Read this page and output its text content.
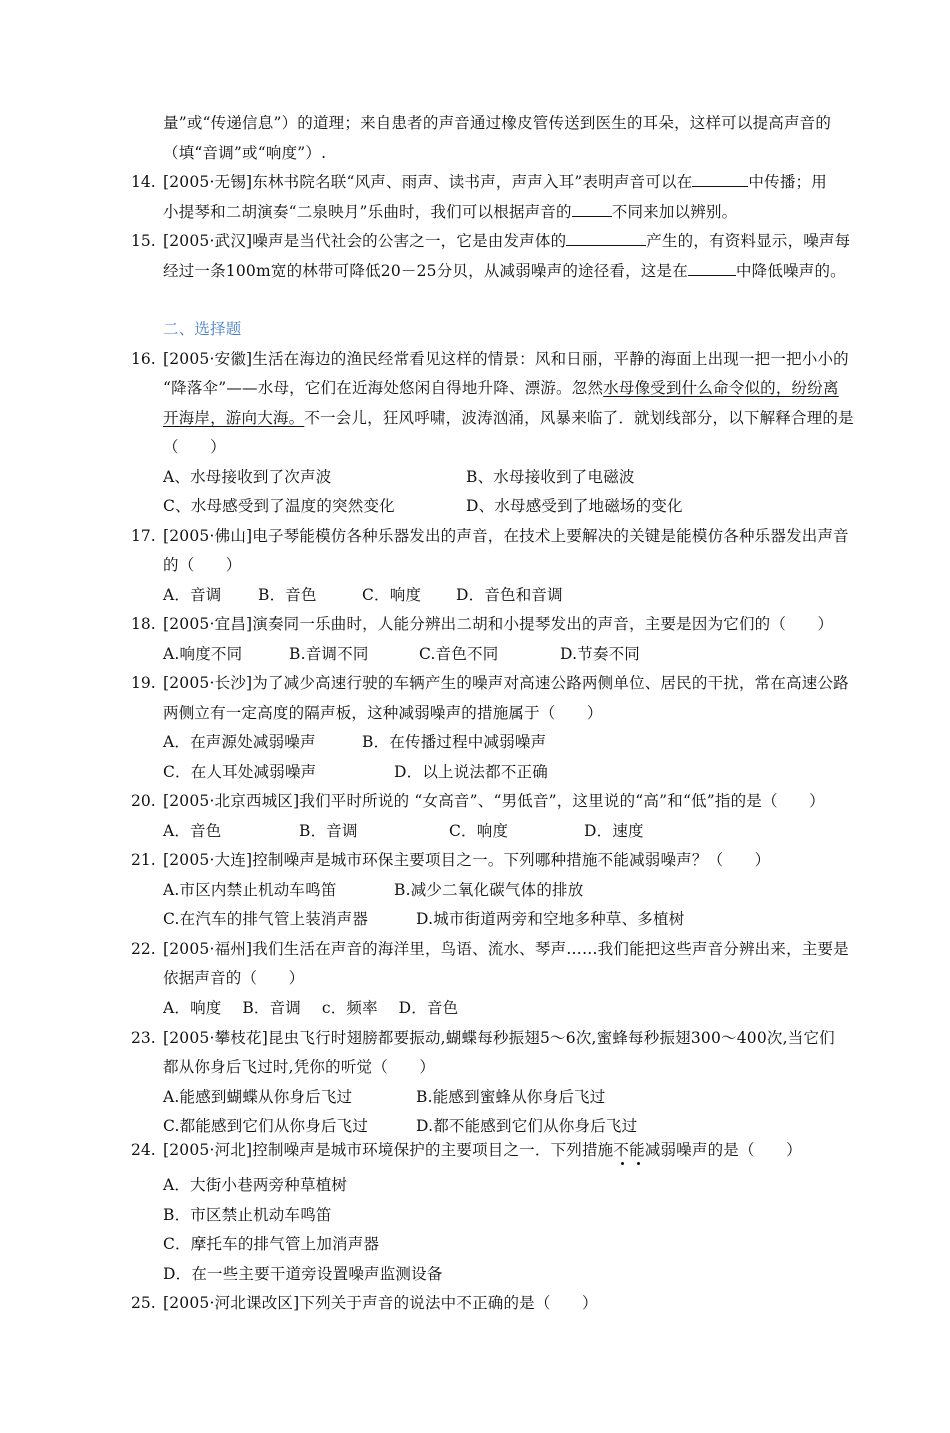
量”或“传递信息”）的道理；来自患者的声音通过橡皮管传送到医生的耳朵，这样可以提高声音的
（填“音调”或“响度”）.
14. [2005·无锡]东林书院名联“风声、雨声、读书声，声声入耳”表明声音可以在	中传播；用
小提琴和二胡演奏“二泉映月”乐曲时，我们可以根据声音的	不同来加以辨别。
15. [2005·武汉]噪声是当代社会的公害之一，它是由发声体的	产生的，有资料显示，噪声每
经过一条100m宽的林带可降低20－25分贝，从减弱噪声的途径看，这是在	中降低噪声的。
二、选择题
16. [2005·安徽]生活在海边的渔民经常看见这样的情景：风和日丽，平静的海面上出现一把一把小小的
“降落伞”——水母，它们在近海处悠闲自得地升降、漂游。忽然水母像受到什么命令似的，纷纷离
开海岸，游向大海。不一会儿，狂风呼啸，波涛汹涌，风暴来临了．就划线部分，以下解释合理的是
（　　）
A、水母接收到了次声波	B、水母接收到了电磁波
C、水母感受到了温度的突然变化	D、水母感受到了地磁场的变化
17. [2005·佛山]电子琴能模仿各种乐器发出的声音，在技术上要解决的关键是能模仿各种乐器发出声音
的（　　）
A．音调 B．音色	C．响度 D．音色和音调
18. [2005·宜昌]演奏同一乐曲时，人能分辨出二胡和小提琴发出的声音，主要是因为它们的（　　）
A.响度不同	B.音调不同	C.音色不同	D.节奏不同
19. [2005·长沙]为了减少高速行驶的车辆产生的噪声对高速公路两侧单位、居民的干扰，常在高速公路
两侧立有一定高度的隔声板，这种减弱噪声的措施属于（　　）
A．在声源处减弱噪声	B．在传播过程中减弱噪声
C．在人耳处减弱噪声	D．以上说法都不正确
20. [2005·北京西城区]我们平时所说的 “女高音”、“男低音”，这里说的“高”和“低”指的是（　　）
A．音色	B．音调	C．响度	D．速度
21. [2005·大连]控制噪声是城市环保主要项目之一。下列哪种措施不能减弱噪声？（　　）
A.市区内禁止机动车鸣笛	B.减少二氧化碳气体的排放
C.在汽车的排气管上装消声器	D.城市街道两旁和空地多种草、多植树
22. [2005·福州]我们生活在声音的海洋里，鸟语、流水、琴声……我们能把这些声音分辨出来，主要是
依据声音的（　　）
A．响度　 B．音调　 c．频率　 D．音色
23. [2005·攀枝花]昆虫飞行时翅膀都要振动,蝴蝶每秒振翅5～6次,蜜蜂每秒振翅300～400次,当它们
都从你身后飞过时,凭你的听觉（　　）
A.能感到蝴蝶从你身后飞过	B.能感到蜜蜂从你身后飞过
C.都能感到它们从你身后飞过	D.都不能感到它们从你身后飞过
24. [2005·河北]控制噪声是城市环境保护的主要项目之一．下列措施不能
减弱噪声的是（　　）
A．大街小巷两旁种草植树
B．市区禁止机动车鸣笛
C．摩托车的排气管上加消声器
D．在一些主要干道旁设置噪声监测设备
25. [2005·河北课改区]下列关于声音的说法中不正确的是（　　）
